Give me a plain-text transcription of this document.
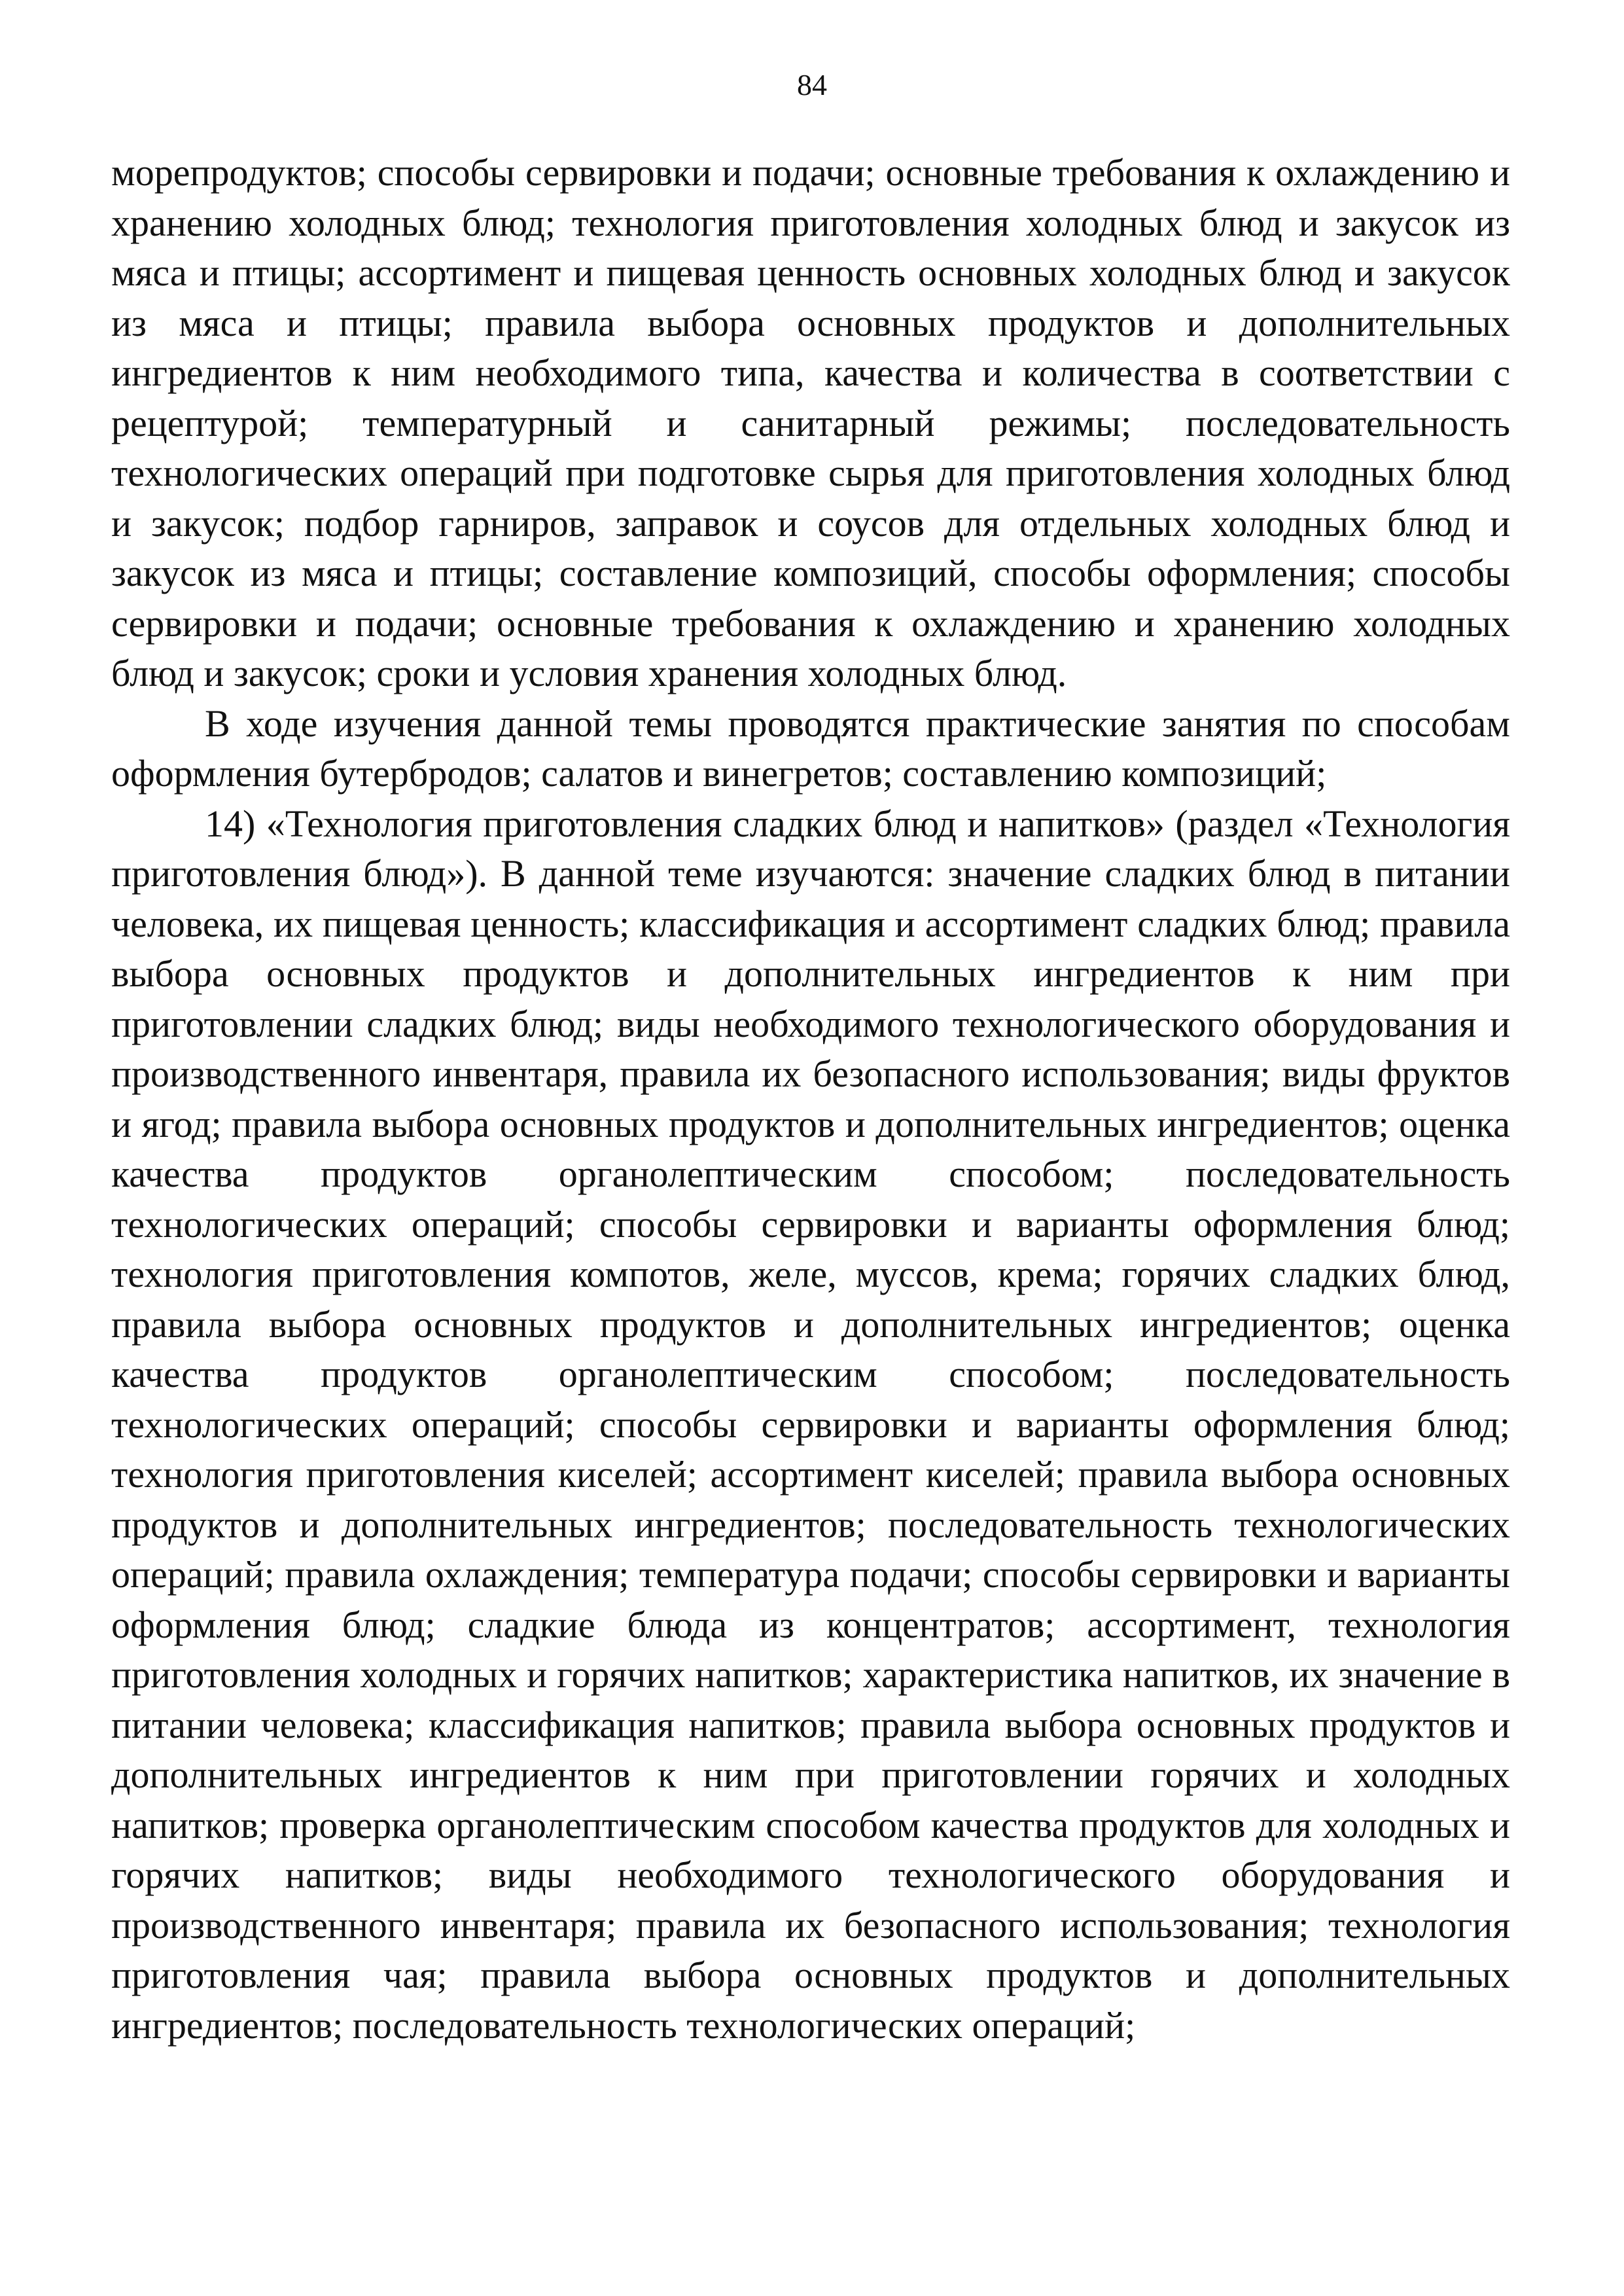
84

морепродуктов; способы сервировки и подачи; основные требования к охлаждению и хранению холодных блюд; технология приготовления холодных блюд и закусок из мяса и птицы; ассортимент и пищевая ценность основных холодных блюд и закусок из мяса и птицы; правила выбора основных продуктов и дополнительных ингредиентов к ним необходимого типа, качества и количества в соответствии с рецептурой; температурный и санитарный режимы; последовательность технологических операций при подготовке сырья для приготовления холодных блюд и закусок; подбор гарниров, заправок и соусов для отдельных холодных блюд и закусок из мяса и птицы; составление композиций, способы оформления; способы сервировки и подачи; основные требования к охлаждению и хранению холодных блюд и закусок; сроки и условия хранения холодных блюд.

В ходе изучения данной темы проводятся практические занятия по способам оформления бутербродов; салатов и винегретов; составлению композиций;

14) «Технология приготовления сладких блюд и напитков» (раздел «Технология приготовления блюд»). В данной теме изучаются: значение сладких блюд в питании человека, их пищевая ценность; классификация и ассортимент сладких блюд; правила выбора основных продуктов и дополнительных ингредиентов к ним при приготовлении сладких блюд; виды необходимого технологического оборудования и производственного инвентаря, правила их безопасного использования; виды фруктов и ягод; правила выбора основных продуктов и дополнительных ингредиентов; оценка качества продуктов органолептическим способом; последовательность технологических операций; способы сервировки и варианты оформления блюд; технология приготовления компотов, желе, муссов, крема; горячих сладких блюд, правила выбора основных продуктов и дополнительных ингредиентов; оценка качества продуктов органолептическим способом; последовательность технологических операций; способы сервировки и варианты оформления блюд; технология приготовления киселей; ассортимент киселей; правила выбора основных продуктов и дополнительных ингредиентов; последовательность технологических операций; правила охлаждения; температура подачи; способы сервировки и варианты оформления блюд; сладкие блюда из концентратов; ассортимент, технология приготовления холодных и горячих напитков; характеристика напитков, их значение в питании человека; классификация напитков; правила выбора основных продуктов и дополнительных ингредиентов к ним при приготовлении горячих и холодных напитков; проверка органолептическим способом качества продуктов для холодных и горячих напитков; виды необходимого технологического оборудования и производственного инвентаря; правила их безопасного использования; технология приготовления чая; правила выбора основных продуктов и дополнительных ингредиентов; последовательность технологических операций;
